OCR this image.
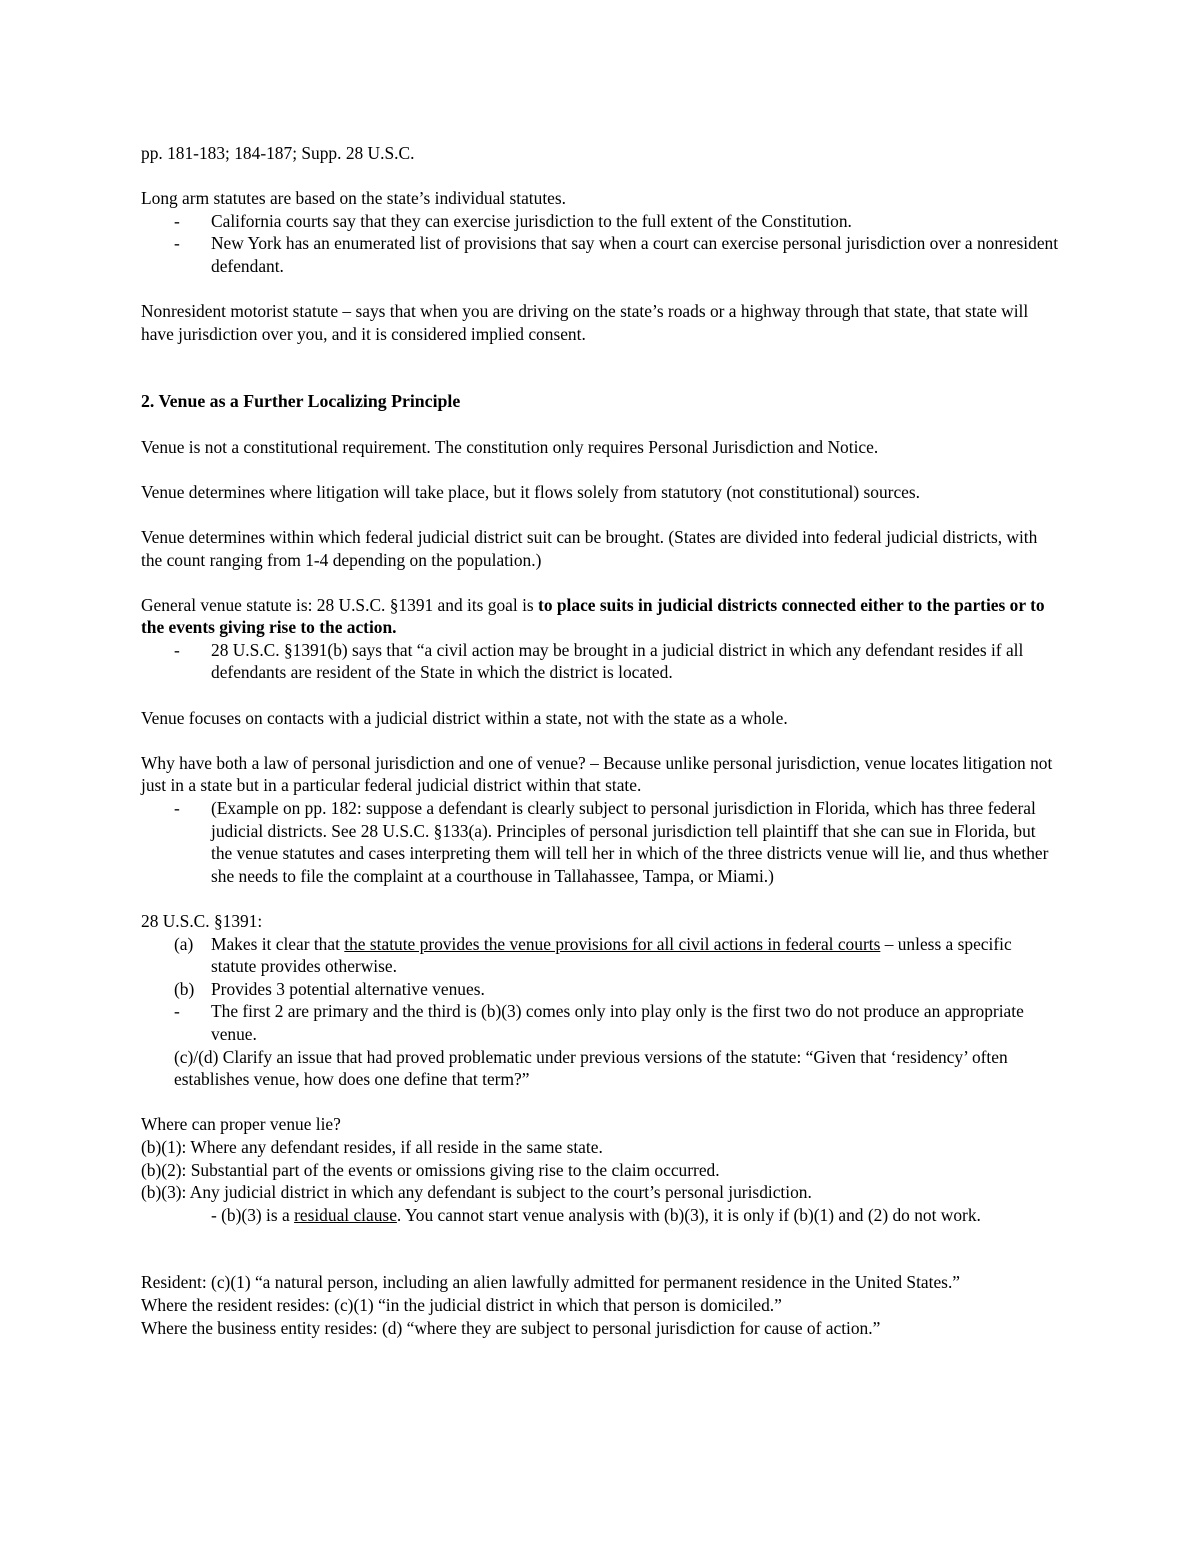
pp. 181-183; 184-187; Supp. 28 U.S.C.

Long arm statutes are based on the state’s individual statutes.

- California courts say that they can exercise jurisdiction to the full extent of the Constitution.
- New York has an enumerated list of provisions that say when a court can exercise personal jurisdiction over a nonresident defendant.

Nonresident motorist statute – says that when you are driving on the state’s roads or a highway through that state, that state will have jurisdiction over you, and it is considered implied consent.

2. Venue as a Further Localizing Principle

Venue is not a constitutional requirement. The constitution only requires Personal Jurisdiction and Notice.

Venue determines where litigation will take place, but it flows solely from statutory (not constitutional) sources.

Venue determines within which federal judicial district suit can be brought. (States are divided into federal judicial districts, with the count ranging from 1-4 depending on the population.)

General venue statute is: 28 U.S.C. §1391 and its goal is to place suits in judicial districts connected either to the parties or to the events giving rise to the action.

- 28 U.S.C. §1391(b) says that “a civil action may be brought in a judicial district in which any defendant resides if all defendants are resident of the State in which the district is located.

Venue focuses on contacts with a judicial district within a state, not with the state as a whole.

Why have both a law of personal jurisdiction and one of venue? – Because unlike personal jurisdiction, venue locates litigation not just in a state but in a particular federal judicial district within that state.

- (Example on pp. 182: suppose a defendant is clearly subject to personal jurisdiction in Florida, which has three federal judicial districts. See 28 U.S.C. §133(a). Principles of personal jurisdiction tell plaintiff that she can sue in Florida, but the venue statutes and cases interpreting them will tell her in which of the three districts venue will lie, and thus whether she needs to file the complaint at a courthouse in Tallahassee, Tampa, or Miami.)

28 U.S.C. §1391:

(a) Makes it clear that the statute provides the venue provisions for all civil actions in federal courts – unless a specific statute provides otherwise.
(b) Provides 3 potential alternative venues.
- The first 2 are primary and the third is (b)(3) comes only into play only is the first two do not produce an appropriate venue.

(c)/(d) Clarify an issue that had proved problematic under previous versions of the statute: “Given that ‘residency’ often establishes venue, how does one define that term?”

Where can proper venue lie?

(b)(1): Where any defendant resides, if all reside in the same state.

(b)(2): Substantial part of the events or omissions giving rise to the claim occurred.

(b)(3): Any judicial district in which any defendant is subject to the court’s personal jurisdiction.

- (b)(3) is a residual clause. You cannot start venue analysis with (b)(3), it is only if (b)(1) and (2) do not work.

Resident: (c)(1) “a natural person, including an alien lawfully admitted for permanent residence in the United States.”

Where the resident resides: (c)(1) “in the judicial district in which that person is domiciled.”

Where the business entity resides: (d) “where they are subject to personal jurisdiction for cause of action.”
